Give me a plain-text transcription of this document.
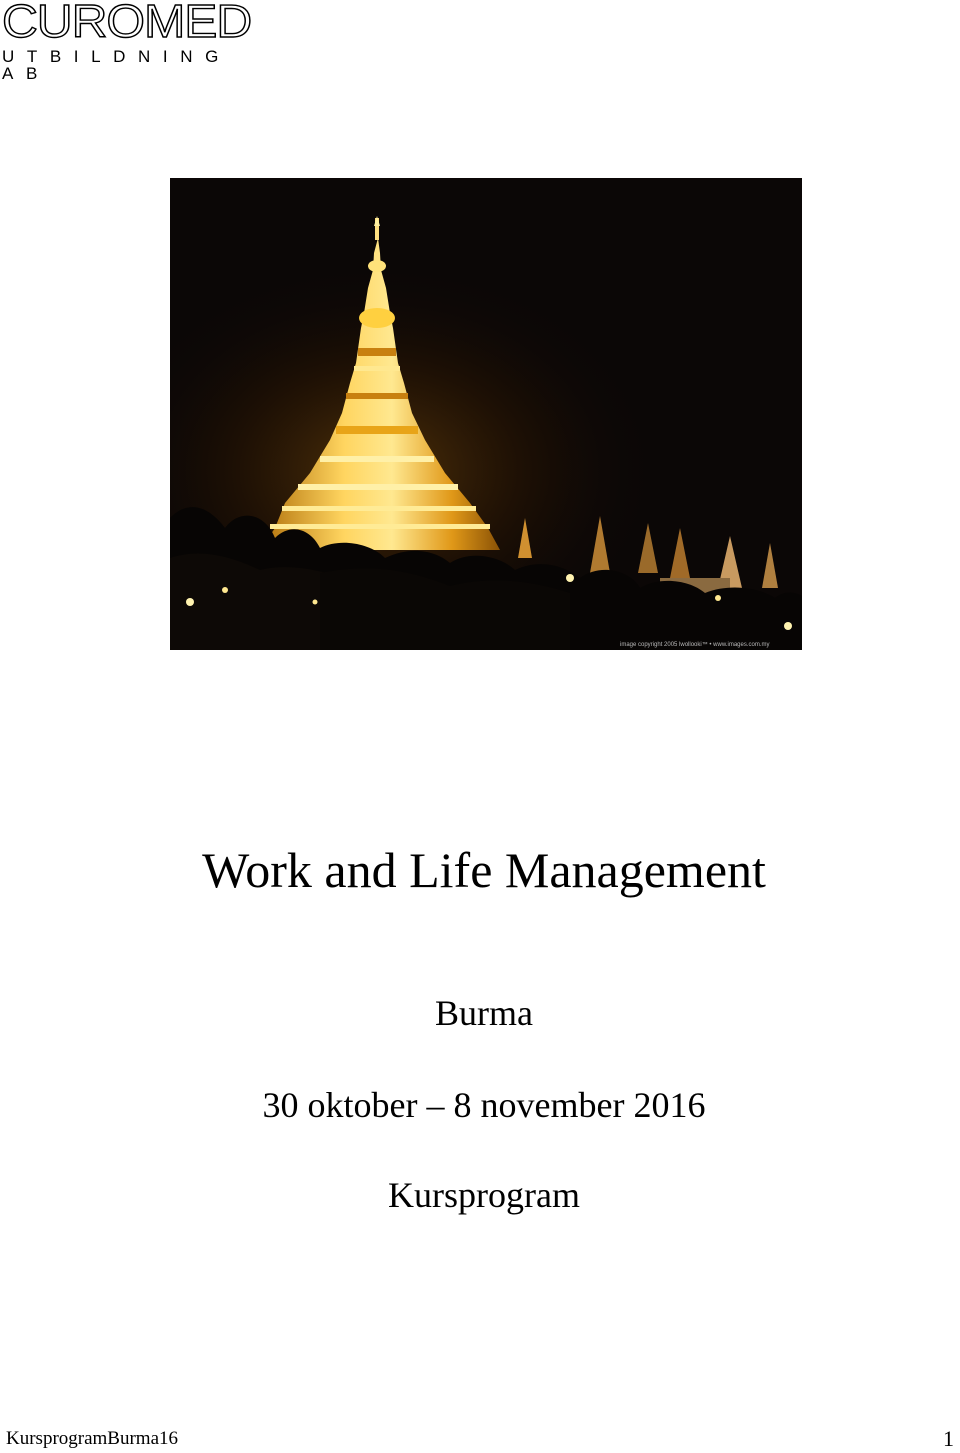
CUROMED
UTBILDNING AB
image copyright 2005 lwollooki™ • www.images.com.my
Work and Life Management
Burma
30 oktober – 8 november 2016
Kursprogram
KursprogramBurma16	1
